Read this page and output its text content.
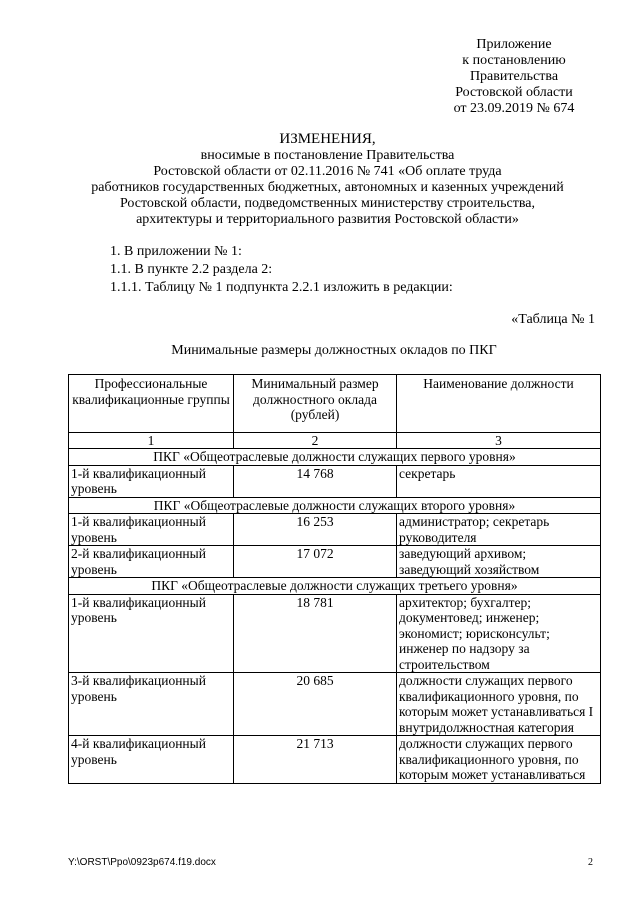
Приложение
к постановлению
Правительства
Ростовской области
от 23.09.2019 № 674
ИЗМЕНЕНИЯ,
вносимые в постановление Правительства
Ростовской области от 02.11.2016 № 741 «Об оплате труда
работников государственных бюджетных, автономных и казенных учреждений
Ростовской области, подведомственных министерству строительства,
архитектуры и территориального развития Ростовской области»
1. В приложении № 1:
1.1. В пункте 2.2 раздела 2:
1.1.1. Таблицу № 1 подпункта 2.2.1 изложить в редакции:
«Таблица № 1
Минимальные размеры должностных окладов по ПКГ
Профессиональные квалификационные группы	Минимальный размер должностного оклада (рублей)	Наименование должности
1	2	3
ПКГ «Общеотраслевые должности служащих первого уровня»		
1-й квалификационный уровень	14 768	секретарь
ПКГ «Общеотраслевые должности служащих второго уровня»		
1-й квалификационный уровень	16 253	администратор; секретарь руководителя
2-й квалификационный уровень	17 072	заведующий архивом; заведующий хозяйством
ПКГ «Общеотраслевые должности служащих третьего уровня»		
1-й квалификационный уровень	18 781	архитектор; бухгалтер; документовед; инженер; экономист; юрисконсульт; инженер по надзору за строительством
3-й квалификационный уровень	20 685	должности служащих первого квалификационного уровня, по которым может устанавливаться I внутридолжностная категория
4-й квалификационный уровень	21 713	должности служащих первого квалификационного уровня, по которым может устанавливаться
Y:\ORST\Ppo\0923p674.f19.docx	2
